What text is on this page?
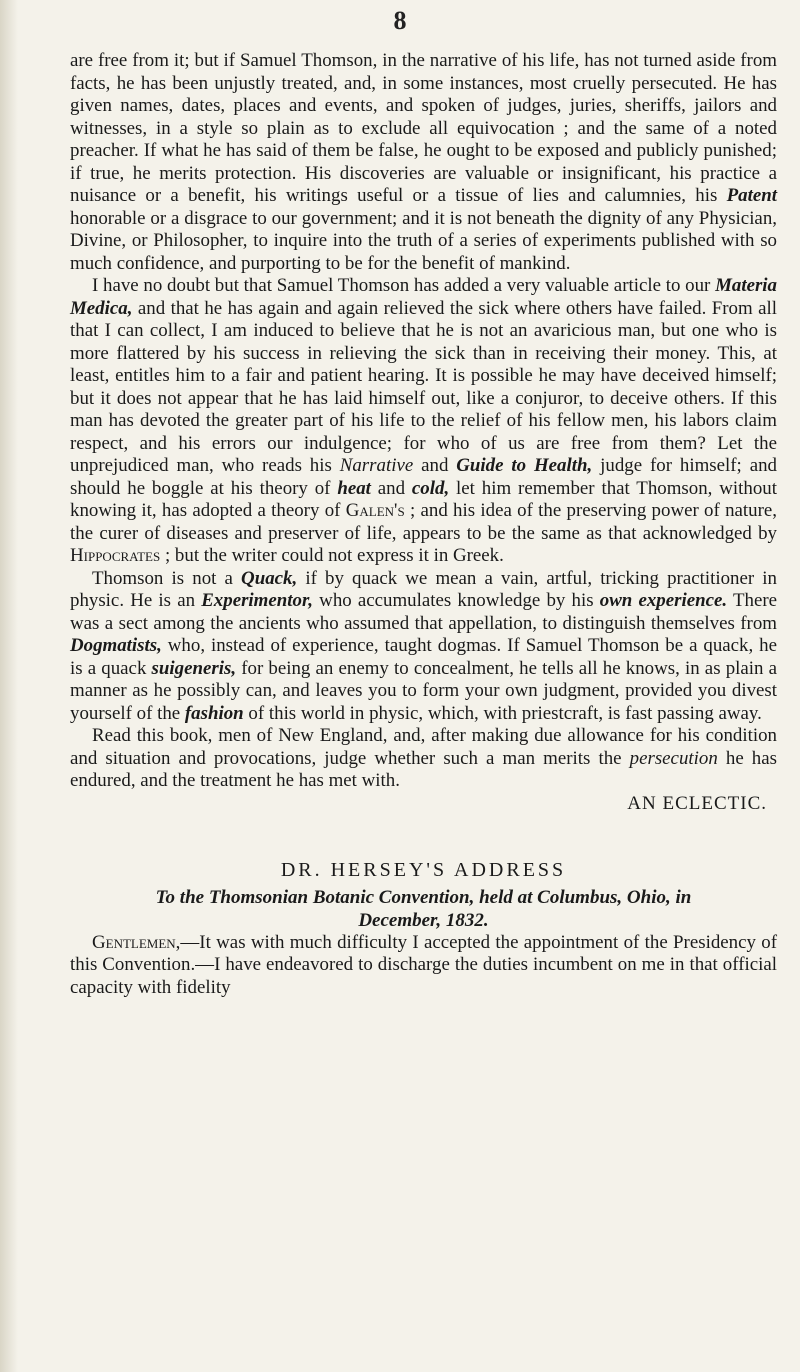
8

are free from it; but if Samuel Thomson, in the narrative of his life, has not turned aside from facts, he has been unjustly treated, and, in some instances, most cruelly persecuted. He has given names, dates, places and events, and spoken of judges, juries, sheriffs, jailors and witnesses, in a style so plain as to exclude all equivocation ; and the same of a noted preacher. If what he has said of them be false, he ought to be exposed and publicly punished; if true, he merits protection. His discoveries are valuable or insignificant, his practice a nuisance or a benefit, his writings useful or a tissue of lies and calumnies, his Patent honorable or a disgrace to our government; and it is not beneath the dignity of any Physician, Divine, or Philosopher, to inquire into the truth of a series of experiments published with so much confidence, and purporting to be for the benefit of mankind.

I have no doubt but that Samuel Thomson has added a very valuable article to our Materia Medica, and that he has again and again relieved the sick where others have failed. From all that I can collect, I am induced to believe that he is not an avaricious man, but one who is more flattered by his success in relieving the sick than in receiving their money. This, at least, entitles him to a fair and patient hearing. It is possible he may have deceived himself; but it does not appear that he has laid himself out, like a conjuror, to deceive others. If this man has devoted the greater part of his life to the relief of his fellow men, his labors claim respect, and his errors our indulgence; for who of us are free from them? Let the unprejudiced man, who reads his Narrative and Guide to Health, judge for himself; and should he boggle at his theory of heat and cold, let him remember that Thomson, without knowing it, has adopted a theory of Galen's ; and his idea of the preserving power of nature, the curer of diseases and preserver of life, appears to be the same as that acknowledged by Hippocrates ; but the writer could not express it in Greek.

Thomson is not a Quack, if by quack we mean a vain, artful, tricking practitioner in physic. He is an Experimentor, who accumulates knowledge by his own experience. There was a sect among the ancients who assumed that appellation, to distinguish themselves from Dogmatists, who, instead of experience, taught dogmas. If Samuel Thomson be a quack, he is a quack suigeneris, for being an enemy to concealment, he tells all he knows, in as plain a manner as he possibly can, and leaves you to form your own judgment, provided you divest yourself of the fashion of this world in physic, which, with priestcraft, is fast passing away.

Read this book, men of New England, and, after making due allowance for his condition and situation and provocations, judge whether such a man merits the persecution he has endured, and the treatment he has met with.

AN ECLECTIC.
DR. HERSEY'S ADDRESS

To the Thomsonian Botanic Convention, held at Columbus, Ohio, in
December, 1832.

Gentlemen,—It was with much difficulty I accepted the appointment of the Presidency of this Convention.—I have endeavored to discharge the duties incumbent on me in that official capacity with fidelity
